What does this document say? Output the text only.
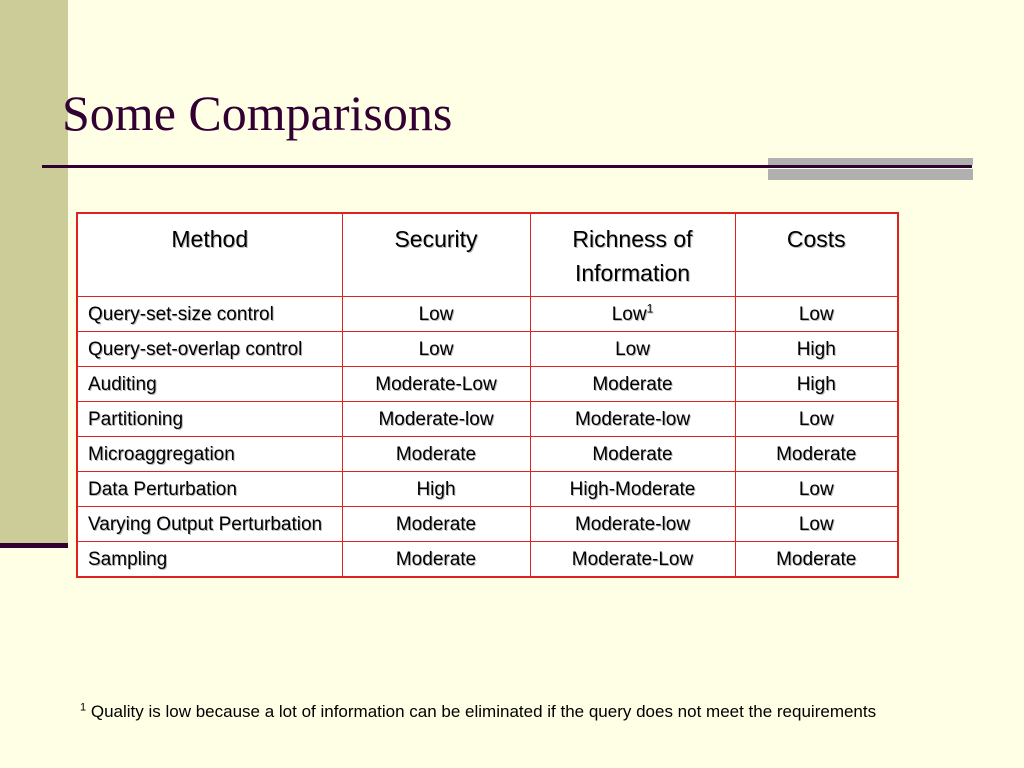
Some Comparisons
Method	Security	Richness of Information	Costs
Query-set-size control	Low	Low$^1$	Low
Query-set-overlap control	Low	Low	High
Auditing	Moderate-Low	Moderate	High
Partitioning	Moderate-low	Moderate-low	Low
Microaggregation	Moderate	Moderate	Moderate
Data Perturbation	High	High-Moderate	Low
Varying Output Perturbation	Moderate	Moderate-low	Low
Sampling	Moderate	Moderate-Low	Moderate
$^1$ Quality is low because a lot of information can be eliminated if the query does not meet the requirements
